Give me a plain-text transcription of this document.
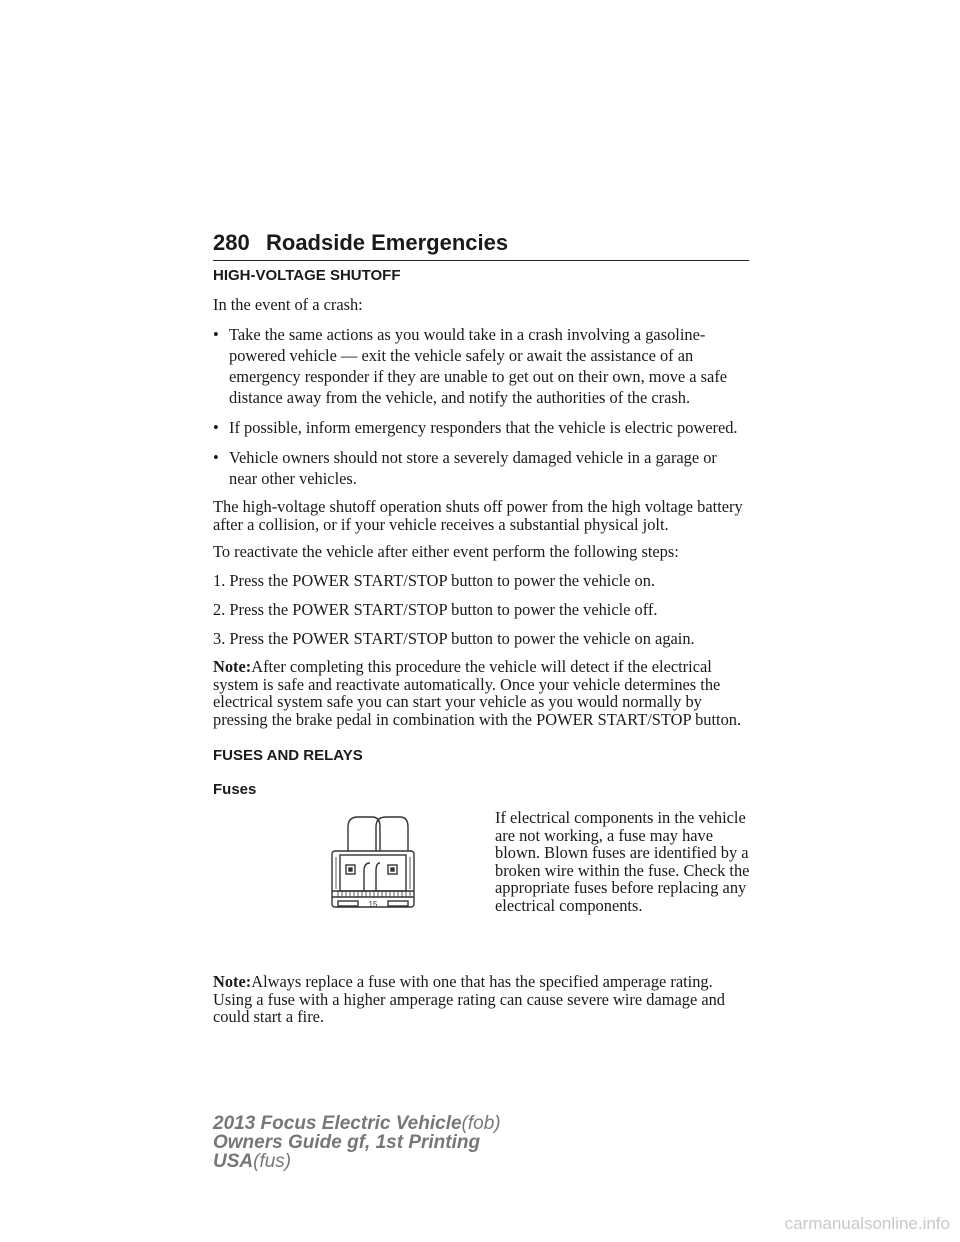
280 Roadside Emergencies
HIGH-VOLTAGE SHUTOFF

In the event of a crash:

• Take the same actions as you would take in a crash involving a gasoline-powered vehicle — exit the vehicle safely or await the assistance of an emergency responder if they are unable to get out on their own, move a safe distance away from the vehicle, and notify the authorities of the crash.
• If possible, inform emergency responders that the vehicle is electric powered.
• Vehicle owners should not store a severely damaged vehicle in a garage or near other vehicles.

The high-voltage shutoff operation shuts off power from the high voltage battery after a collision, or if your vehicle receives a substantial physical jolt.

To reactivate the vehicle after either event perform the following steps:

1. Press the POWER START/STOP button to power the vehicle on.

2. Press the POWER START/STOP button to power the vehicle off.

3. Press the POWER START/STOP button to power the vehicle on again.

Note:After completing this procedure the vehicle will detect if the electrical system is safe and reactivate automatically. Once your vehicle determines the electrical system safe you can start your vehicle as you would normally by pressing the brake pedal in combination with the POWER START/STOP button.

FUSES AND RELAYS
Fuses
15
If electrical components in the vehicle are not working, a fuse may have blown. Blown fuses are identified by a broken wire within the fuse. Check the appropriate fuses before replacing any electrical components.

Note:Always replace a fuse with one that has the specified amperage rating. Using a fuse with a higher amperage rating can cause severe wire damage and could start a fire.

2013 Focus Electric Vehicle(fob)
Owners Guide gf, 1st Printing
USA(fus)
carmanualsonline.info
